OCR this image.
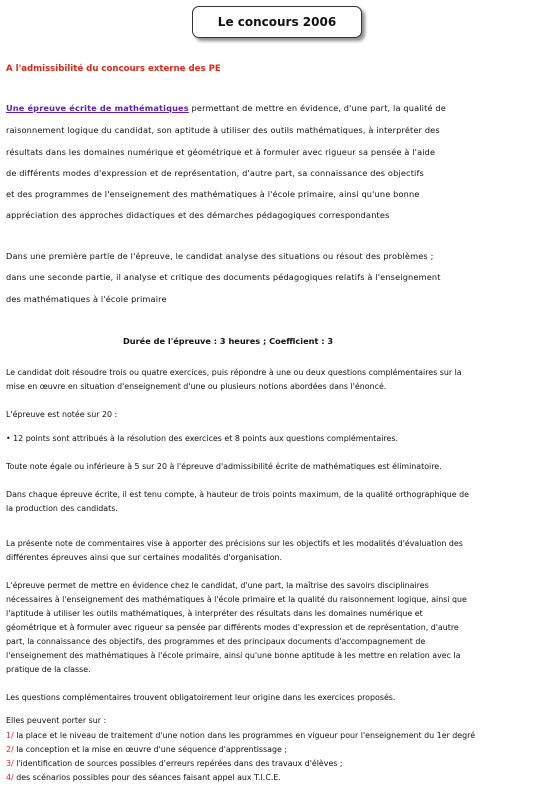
Le concours 2006
A l'admissibilité du concours externe des PE
Une épreuve écrite de mathématiques permettant de mettre en évidence, d'une part, la qualité de
raisonnement logique du candidat, son aptitude à utiliser des outils mathématiques, à interpréter des
résultats dans les domaines numérique et géométrique et à formuler avec rigueur sa pensée à l'aide
de différents modes d'expression et de représentation, d'autre part, sa connaissance des objectifs
et des programmes de l'enseignement des mathématiques à l'école primaire, ainsi qu'une bonne
appréciation des approches didactiques et des démarches pédagogiques correspondantes
Dans une première partie de l'épreuve, le candidat analyse des situations ou résout des problèmes ;
dans une seconde partie, il analyse et critique des documents pédagogiques relatifs à l'enseignement
des mathématiques à l'école primaire
Durée de l'épreuve : 3 heures ; Coefficient : 3
Le candidat doit résoudre trois ou quatre exercices, puis répondre à une ou deux questions complémentaires sur la
mise en œuvre en situation d'enseignement d'une ou plusieurs notions abordées dans l'énoncé.
L'épreuve est notée sur 20 :
• 12 points sont attribués à la résolution des exercices et 8 points aux questions complémentaires.
Toute note égale ou inférieure à 5 sur 20 à l'épreuve d'admissibilité écrite de mathématiques est éliminatoire.
Dans chaque épreuve écrite, il est tenu compte, à hauteur de trois points maximum, de la qualité orthographique de
la production des candidats.
La présente note de commentaires vise à apporter des précisions sur les objectifs et les modalités d'évaluation des
différentes épreuves ainsi que sur certaines modalités d'organisation.
L'épreuve permet de mettre en évidence chez le candidat, d'une part, la maîtrise des savoirs disciplinaires
nécessaires à l'enseignement des mathématiques à l'école primaire et la qualité du raisonnement logique, ainsi que
l'aptitude à utiliser les outils mathématiques, à interpréter des résultats dans les domaines numérique et
géométrique et à formuler avec rigueur sa pensée par différents modes d'expression et de représentation, d'autre
part, la connaissance des objectifs, des programmes et des principaux documents d'accompagnement de
l'enseignement des mathématiques à l'école primaire, ainsi qu'une bonne aptitude à les mettre en relation avec la
pratique de la classe.
Les questions complémentaires trouvent obligatoirement leur origine dans les exercices proposés.
Elles peuvent porter sur :
1/ la place et le niveau de traitement d'une notion dans les programmes en vigueur pour l'enseignement du 1er degré
2/ la conception et la mise en œuvre d'une séquence d'apprentissage ;
3/ l'identification de sources possibles d'erreurs repérées dans des travaux d'élèves ;
4/ des scénarios possibles pour des séances faisant appel aux T.I.C.E.
